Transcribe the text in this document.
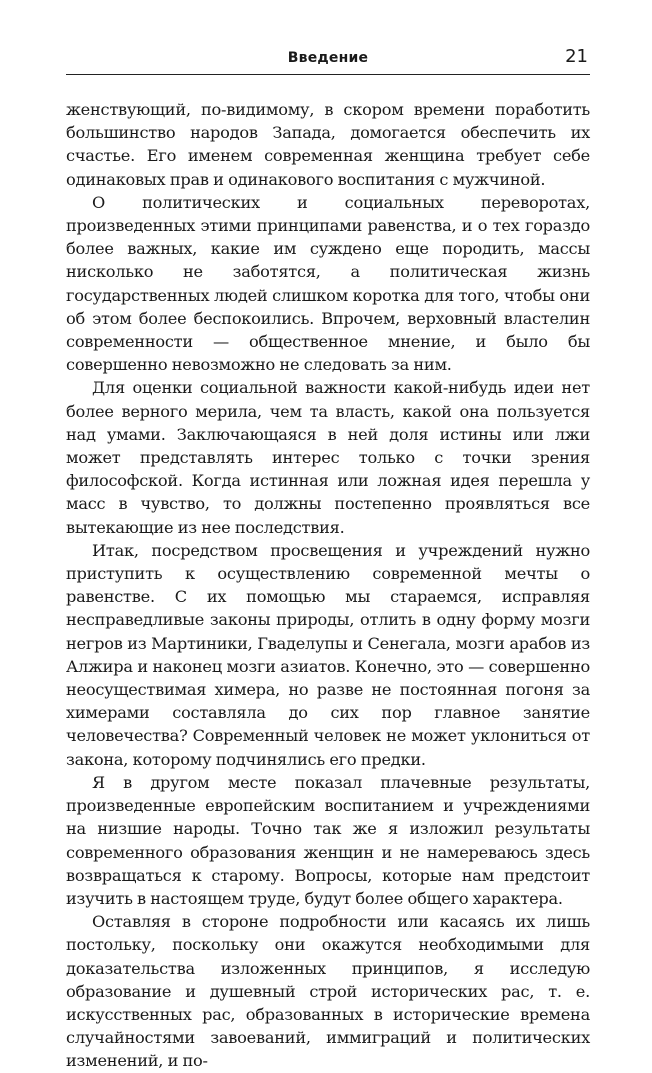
Введение	21

женствующий, по-видимому, в скором времени поработить большинство народов Запада, домогается обеспечить их счастье. Его именем современная женщина требует себе одинаковых прав и одинакового воспитания с мужчиной.

О политических и социальных переворотах, произведенных этими принципами равенства, и о тех гораздо более важных, какие им суждено еще породить, массы нисколько не заботятся, а политическая жизнь государственных людей слишком коротка для того, чтобы они об этом более беспокоились. Впрочем, верховный властелин современности — общественное мнение, и было бы совершенно невозможно не следовать за ним.

Для оценки социальной важности какой-нибудь идеи нет более верного мерила, чем та власть, какой она пользуется над умами. Заключающаяся в ней доля истины или лжи может представлять интерес только с точки зрения философской. Когда истинная или ложная идея перешла у масс в чувство, то должны постепенно проявляться все вытекающие из нее последствия.

Итак, посредством просвещения и учреждений нужно приступить к осуществлению современной мечты о равенстве. С их помощью мы стараемся, исправляя несправедливые законы природы, отлить в одну форму мозги негров из Мартиники, Гваделупы и Сенегала, мозги арабов из Алжира и наконец мозги азиатов. Конечно, это — совершенно неосуществимая химера, но разве не постоянная погоня за химерами составляла до сих пор главное занятие человечества? Современный человек не может уклониться от закона, которому подчинялись его предки.

Я в другом месте показал плачевные результаты, произведенные европейским воспитанием и учреждениями на низшие народы. Точно так же я изложил результаты современного образования женщин и не намереваюсь здесь возвращаться к старому. Вопросы, которые нам предстоит изучить в настоящем труде, будут более общего характера.

Оставляя в стороне подробности или касаясь их лишь постольку, поскольку они окажутся необходимыми для доказательства изложенных принципов, я исследую образование и душевный строй исторических рас, т. е. искусственных рас, образованных в исторические времена случайностями завоеваний, иммиграций и политических изменений, и по-
